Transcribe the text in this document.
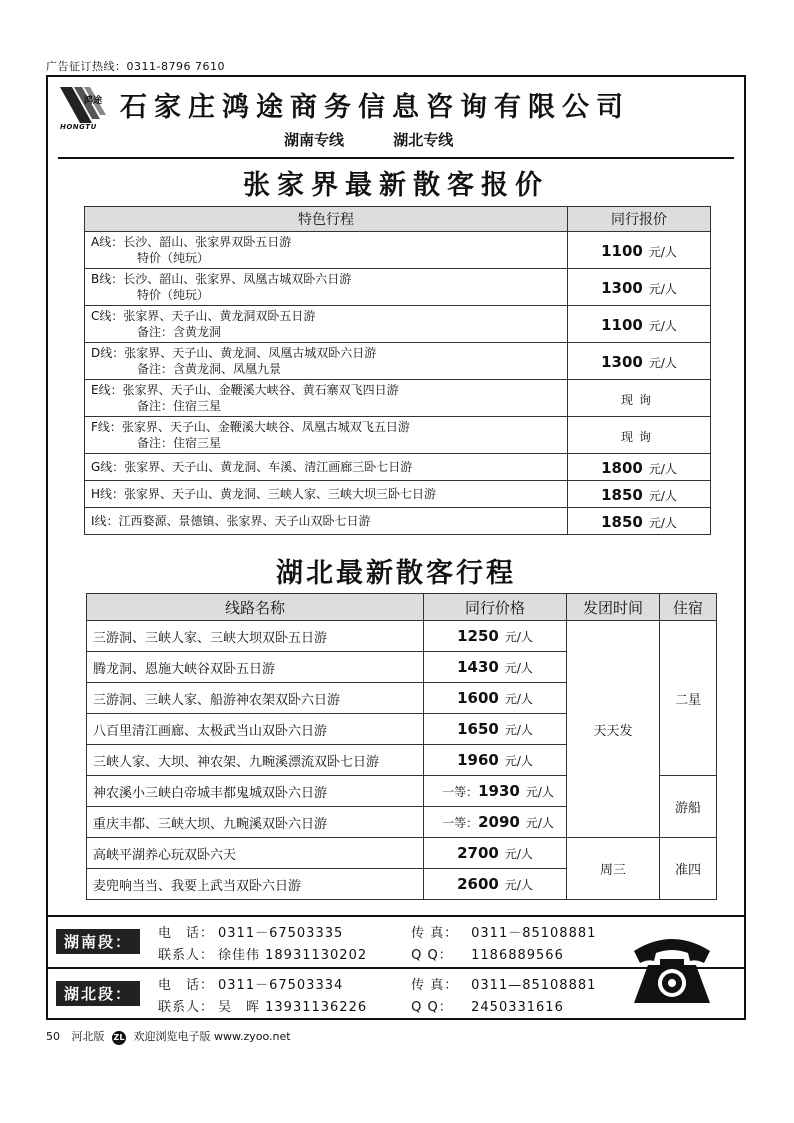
广告征订热线：0311-8796 7610
鸿途
HONGTU
石家庄鸿途商务信息咨询有限公司
湖南专线	湖北专线
张家界最新散客报价
特色行程	同行报价

A线：长沙、韶山、张家界双卧五日游
特价（纯玩）	1100 元/人

B线：长沙、韶山、张家界、凤凰古城双卧六日游
特价（纯玩）	1300 元/人

C线：张家界、天子山、黄龙洞双卧五日游
备注：含黄龙洞	1100 元/人

D线：张家界、天子山、黄龙洞、凤凰古城双卧六日游
备注：含黄龙洞、凤凰九景	1300 元/人

E线：张家界、天子山、金鞭溪大峡谷、黄石寨双飞四日游
备注：住宿三星	现询

F线：张家界、天子山、金鞭溪大峡谷、凤凰古城双飞五日游
备注：住宿三星	现询

G线：张家界、天子山、黄龙洞、车溪、清江画廊三卧七日游	1800 元/人

H线：张家界、天子山、黄龙洞、三峡人家、三峡大坝三卧七日游	1850 元/人

I线：江西婺源、景德镇、张家界、天子山双卧七日游	1850 元/人
湖北最新散客行程
线路名称	同行价格	发团时间	住宿
三游洞、三峡人家、三峡大坝双卧五日游	1250 元/人	天天发	二星
腾龙洞、恩施大峡谷双卧五日游	1430 元/人		
三游洞、三峡人家、船游神农架双卧六日游	1600 元/人		
八百里清江画廊、太极武当山双卧六日游	1650 元/人		
三峡人家、大坝、神农架、九畹溪漂流双卧七日游	1960 元/人		
神农溪小三峡白帝城丰都鬼城双卧六日游	一等：1930 元/人		游船
重庆丰都、三峡大坝、九畹溪双卧六日游	一等：2090 元/人		
高峡平湖养心玩双卧六天	2700 元/人	周三	准四
麦兜响当当、我要上武当双卧六日游	2600 元/人		
湖南段：	电　话： 0311－67503335	传 真： 0311－85108881
联系人： 徐佳伟 18931130202	Q Q： 1186889566
湖北段：	电　话： 0311－67503334	传 真： 0311—85108881
联系人： 吴　晖 13931136226	Q Q： 2450331616
50 河北版 ZL 欢迎浏览电子版 www.zyoo.net
